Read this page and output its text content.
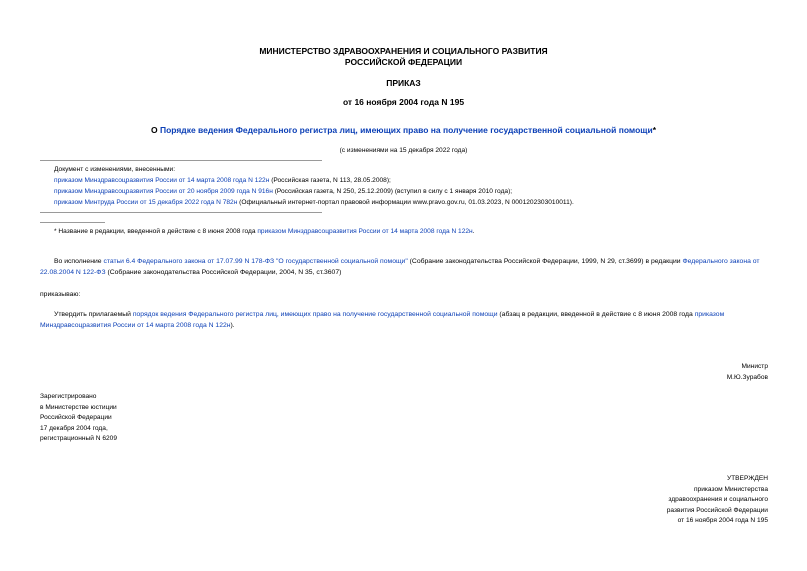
МИНИСТЕРСТВО ЗДРАВООХРАНЕНИЯ И СОЦИАЛЬНОГО РАЗВИТИЯ
РОССИЙСКОЙ ФЕДЕРАЦИИ
ПРИКАЗ
от 16 ноября 2004 года N 195
О Порядке ведения Федерального регистра лиц, имеющих право на получение государственной социальной помощи*
(с изменениями на 15 декабря 2022 года)
Документ с изменениями, внесенными:
приказом Минздравсоцразвития России от 14 марта 2008 года N 122н (Российская газета, N 113, 28.05.2008);
приказом Минздравсоцразвития России от 20 ноября 2009 года N 916н (Российская газета, N 250, 25.12.2009) (вступил в силу с 1 января 2010 года);
приказом Минтруда России от 15 декабря 2022 года N 782н (Официальный интернет-портал правовой информации www.pravo.gov.ru, 01.03.2023, N 0001202303010011).
* Название в редакции, введенной в действие с 8 июня 2008 года приказом Минздравсоцразвития России от 14 марта 2008 года N 122н.
Во исполнение статьи 6.4 Федерального закона от 17.07.99 N 178-ФЗ "О государственной социальной помощи" (Собрание законодательства Российской Федерации, 1999, N 29, ст.3699) в редакции Федерального закона от 22.08.2004 N 122-ФЗ (Собрание законодательства Российской Федерации, 2004, N 35, ст.3607)
приказываю:
Утвердить прилагаемый порядок ведения Федерального регистра лиц, имеющих право на получение государственной социальной помощи (абзац в редакции, введенной в действие с 8 июня 2008 года приказом Минздравсоцразвития России от 14 марта 2008 года N 122н).
Министр
М.Ю.Зурабов
Зарегистрировано
в Министерстве юстиции
Российской Федерации
17 декабря 2004 года,
регистрационный N 6209
УТВЕРЖДЕН
приказом Министерства
здравоохранения и социального
развития Российской Федерации
от 16 ноября 2004 года N 195
